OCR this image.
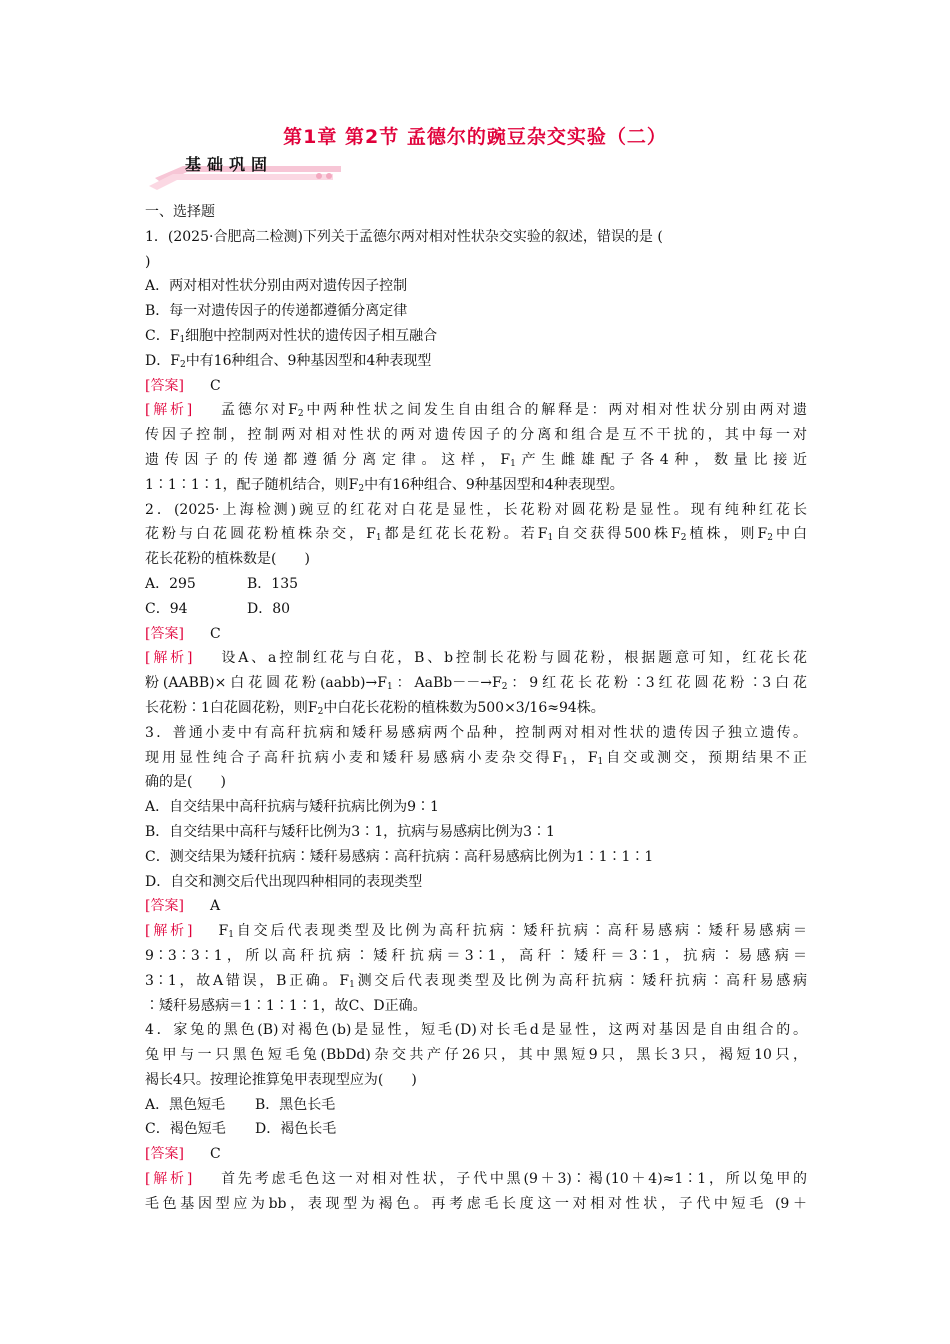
第1章 第2节 孟德尔的豌豆杂交实验（二）
基础巩固
一、选择题
1．(2025·合肥高二检测)下列关于孟德尔两对相对性状杂交实验的叙述，错误的是 (
)
A．两对相对性状分别由两对遗传因子控制
B．每一对遗传因子的传递都遵循分离定律
C．$F_1$细胞中控制两对性状的遗传因子相互融合
D．$F_2$中有16种组合、9种基因型和4种表现型
[答案] C
[解析] 孟德尔对$F_2$中两种性状之间发生自由组合的解释是：两对相对性状分别由两对遗
传因子控制，控制两对相对性状的两对遗传因子的分离和组合是互不干扰的，其中每一对
遗传因子的传递都遵循分离定律。这样，$F_1$产生雌雄配子各4种，数量比接近
1∶1∶1∶1，配子随机结合，则$F_2$中有16种组合、9种基因型和4种表现型。
2．(2025·上海检测)豌豆的红花对白花是显性，长花粉对圆花粉是显性。现有纯种红花长
花粉与白花圆花粉植株杂交，$F_1$都是红花长花粉。若$F_1$自交获得500株$F_2$植株，则$F_2$中白
花长花粉的植株数是(　　)
A．295	B．135
C．94	D．80
[答案] C
[解析] 设A、a控制红花与白花，B、b控制长花粉与圆花粉，根据题意可知，红花长花
粉(AABB)×白花圆花粉$(aabb)\to F_1$：$AaBb--\to F_2$：9红花长花粉∶3红花圆花粉∶3白花
长花粉∶1白花圆花粉，则$F_2$中白花长花粉的植株数为500×3/16≈94株。
3．普通小麦中有高秆抗病和矮秆易感病两个品种，控制两对相对性状的遗传因子独立遗传。
现用显性纯合子高秆抗病小麦和矮秆易感病小麦杂交得$F_1$，$F_1$自交或测交，预期结果不正
确的是(　　)
A．自交结果中高秆抗病与矮秆抗病比例为9∶1
B．自交结果中高秆与矮秆比例为3∶1，抗病与易感病比例为3∶1
C．测交结果为矮秆抗病∶矮秆易感病∶高秆抗病∶高秆易感病比例为1∶1∶1∶1
D．自交和测交后代出现四种相同的表现类型
[答案] A
[解析] $F_1$自交后代表现类型及比例为高秆抗病∶矮秆抗病∶高秆易感病∶矮秆易感病＝
9∶3∶3∶1，所以高秆抗病∶矮秆抗病＝3∶1，高秆∶矮秆＝3∶1，抗病∶易感病＝
3∶1，故A错误，B正确。$F_1$测交后代表现类型及比例为高秆抗病∶矮秆抗病∶高秆易感病
∶矮秆易感病＝1∶1∶1∶1，故C、D正确。
4．家兔的黑色(B)对褐色(b)是显性，短毛(D)对长毛d是显性，这两对基因是自由组合的。
兔甲与一只黑色短毛兔(BbDd)杂交共产仔26只，其中黑短9只，黑长3只，褐短10只，
褐长4只。按理论推算兔甲表现型应为(　　)
A．黑色短毛 B．黑色长毛
C．褐色短毛 D．褐色长毛
[答案] C
[解析] 首先考虑毛色这一对相对性状，子代中黑(9＋3)∶褐(10＋4)≈1∶1，所以兔甲的
毛色基因型应为bb，表现型为褐色。再考虑毛长度这一对相对性状，子代中短毛 (9＋
